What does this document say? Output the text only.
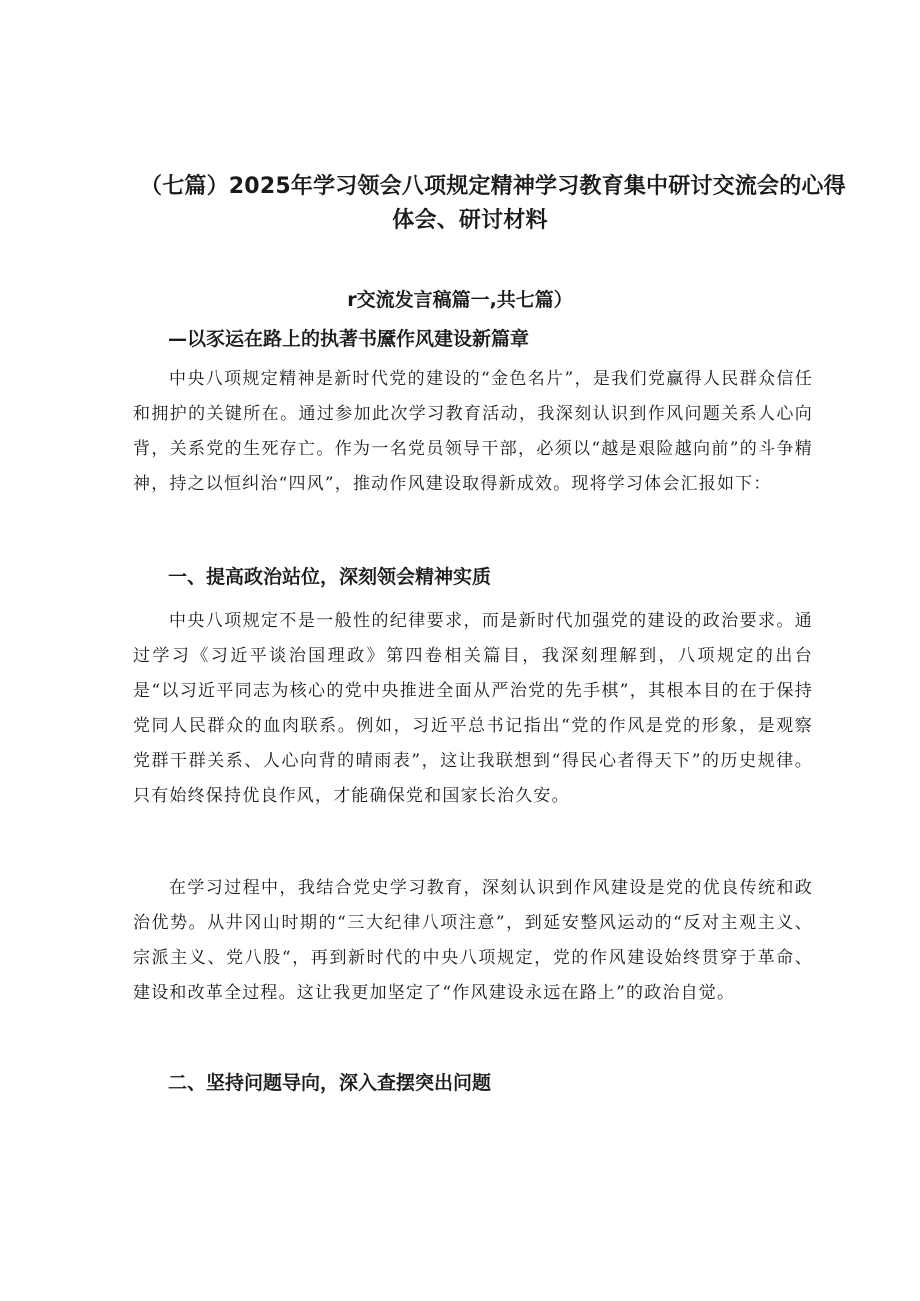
（七篇）2025年学习领会八项规定精神学习教育集中研讨交流会的心得
体会、研讨材料
r交流发言稿篇一,共七篇）
—以豕运在路上的执著书黡作风建设新篇章

中央八项规定精神是新时代党的建设的“金色名片”，是我们党赢得人民群众信任和拥护的关键所在。通过参加此次学习教育活动，我深刻认识到作风问题关系人心向背，关系党的生死存亡。作为一名党员领导干部，必须以“越是艰险越向前”的斗争精神，持之以恒纠治“四风”，推动作风建设取得新成效。现将学习体会汇报如下：

一、提高政治站位，深刻领会精神实质

中央八项规定不是一般性的纪律要求，而是新时代加强党的建设的政治要求。通过学习《习近平谈治国理政》第四卷相关篇目，我深刻理解到，八项规定的出台是“以习近平同志为核心的党中央推进全面从严治党的先手棋”，其根本目的在于保持党同人民群众的血肉联系。例如，习近平总书记指出“党的作风是党的形象，是观察党群干群关系、人心向背的晴雨表”，这让我联想到“得民心者得天下”的历史规律。只有始终保持优良作风，才能确保党和国家长治久安。

在学习过程中，我结合党史学习教育，深刻认识到作风建设是党的优良传统和政治优势。从井冈山时期的“三大纪律八项注意”，到延安整风运动的“反对主观主义、宗派主义、党八股“，再到新时代的中央八项规定，党的作风建设始终贯穿于革命、建设和改革全过程。这让我更加坚定了“作风建设永远在路上”的政治自觉。

二、坚持问题导向，深入查摆突出问题
